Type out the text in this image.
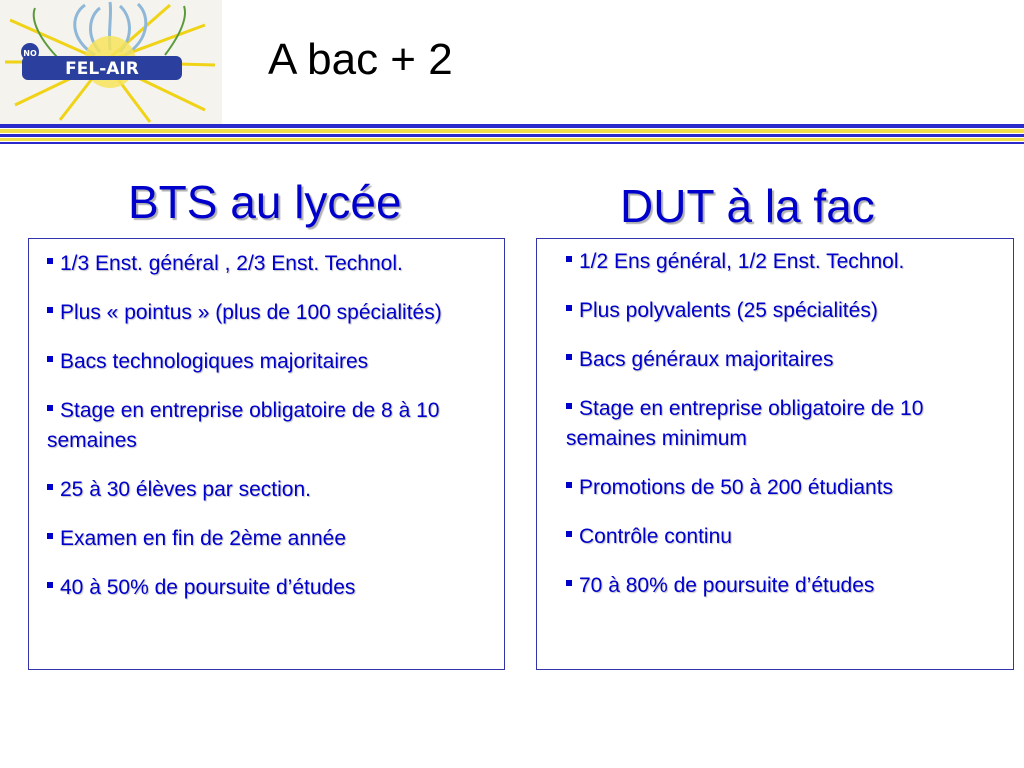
FEL-AIR
NO	A bac + 2
BTS au lycée	DUT à la fac
1/3 Enst. général , 2/3 Enst. Technol.
Plus « pointus » (plus de 100 spécialités)
Bacs technologiques majoritaires
Stage en entreprise obligatoire de 8 à 10 semaines
25 à 30 élèves par section.
Examen en fin de 2ème année
40 à 50% de poursuite d’études
1/2 Ens général, 1/2 Enst. Technol.
Plus polyvalents (25 spécialités)
Bacs généraux majoritaires
Stage en entreprise obligatoire de 10 semaines minimum
Promotions de 50 à 200 étudiants
Contrôle continu
70 à 80% de poursuite d’études
